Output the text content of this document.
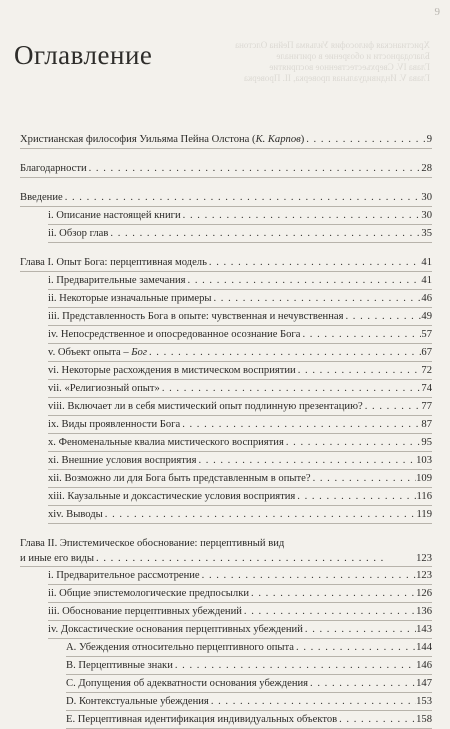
9
Христианская философия Уильяма Пейна Олстона
Благодарности и обозрение в оригинале
Глава IV. Сверхъестественное восприятие
Глава V. Индивидуальная проверка, II. Проверка
Оглавление
Христианская философия Уильяма Пейна Олстона (К. Карпов) . . .	9
Благодарности . . .	28
Введение . . .	30
i. Описание настоящей книги . . .	30
ii. Обзор глав . . .	35
Глава I. Опыт Бога: перцептивная модель . . .	41
i. Предварительные замечания . . .	41
ii. Некоторые изначальные примеры . . .	46
iii. Представленность Бога в опыте: чувственная и нечувственная . . .	49
iv. Непосредственное и опосредованное осознание Бога . . .	57
v. Объект опыта – Бог . . .	67
vi. Некоторые расхождения в мистическом восприятии . . .	72
vii. «Религиозный опыт» . . .	74
viii. Включает ли в себя мистический опыт подлинную презентацию? . . .	77
ix. Виды проявленности Бога . . .	87
x. Феноменальные квалиа мистического восприятия . . .	95
xi. Внешние условия восприятия . . .	103
xii. Возможно ли для Бога быть представленным в опыте? . . .	109
xiii. Каузальные и доксастические условия восприятия . . .	116
xiv. Выводы . . .	119
Глава II. Эпистемическое обоснование: перцептивный вид
и иные его виды . . .	123
i. Предварительное рассмотрение . . .	123
ii. Общие эпистемологические предпосылки . . .	126
iii. Обоснование перцептивных убеждений . . .	136
iv. Доксастические основания перцептивных убеждений . . .	143
A. Убеждения относительно перцептивного опыта . . .	144
B. Перцептивные знаки . . .	146
C. Допущения об адекватности основания убеждения . . .	147
D. Контекстуальные убеждения . . .	153
E. Перцептивная идентификация индивидуальных объектов . . .	158
